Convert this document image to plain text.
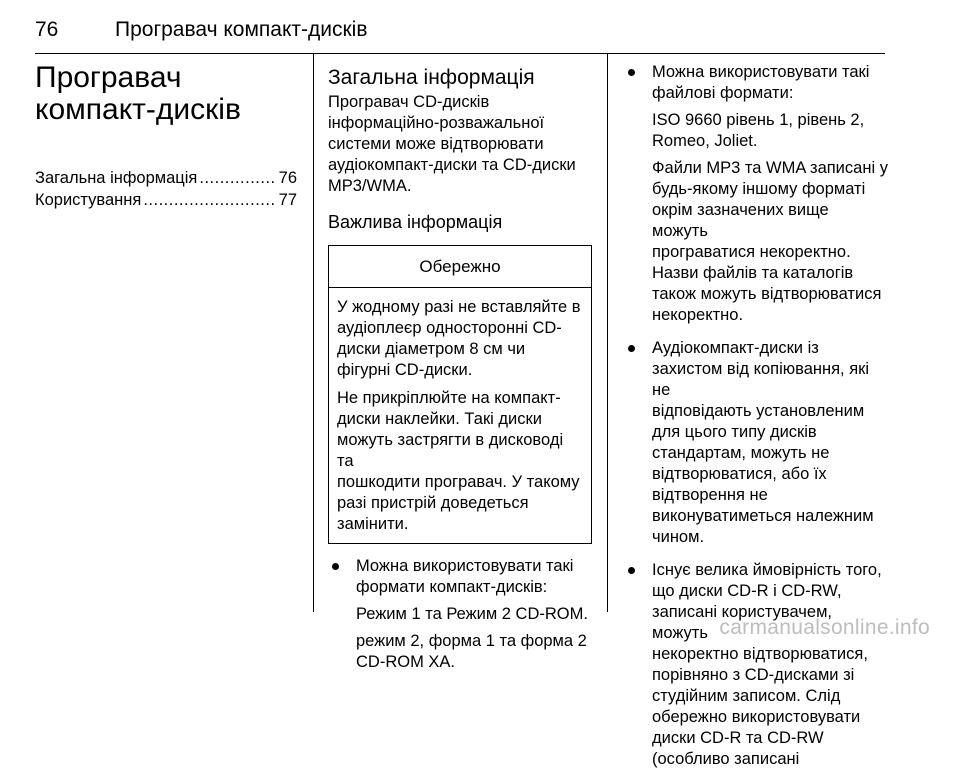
76	Програвач компакт-дисків
Програвач
компакт-дисків
Загальна інформація .....	76
Користування .....	77
Загальна інформація
Програвач CD-дисків
інформаційно-розважальної
системи може відтворювати
аудіокомпакт-диски та CD-диски
MP3/WMA.
Важлива інформація
Обережно

У жодному разі не вставляйте в
аудіоплеєр односторонні CD-
диски діаметром 8 см чи
фігурні CD-диски.

Не прикріплюйте на компакт-
диски наклейки. Такі диски
можуть застрягти в дисководі та
пошкодити програвач. У такому
разі пристрій доведеться
замінити.

Можна використовувати такі
формати компакт-дисків:

Режим 1 та Режим 2 CD-ROM.

режим 2, форма 1 та форма 2
CD-ROM XA.

Можна використовувати такі
файлові формати:

ISO 9660 рівень 1, рівень 2,
Romeo, Joliet.

Файли MP3 та WMA записані у
будь-якому іншому форматі
окрім зазначених вище можуть
програватися некоректно.
Назви файлів та каталогів
також можуть відтворюватися
некоректно.

Аудіокомпакт-диски із
захистом від копіювання, які не
відповідають установленим
для цього типу дисків
стандартам, можуть не
відтворюватися, або їх
відтворення не
виконуватиметься належним
чином.

Існує велика ймовірність того,
що диски CD-R і CD-RW,
записані користувачем, можуть
некоректно відтворюватися,
порівняно з CD-дисками зі
студійним записом. Слід
обережно використовувати
диски CD-R та CD-RW
(особливо записані

carmanualsonline.info
